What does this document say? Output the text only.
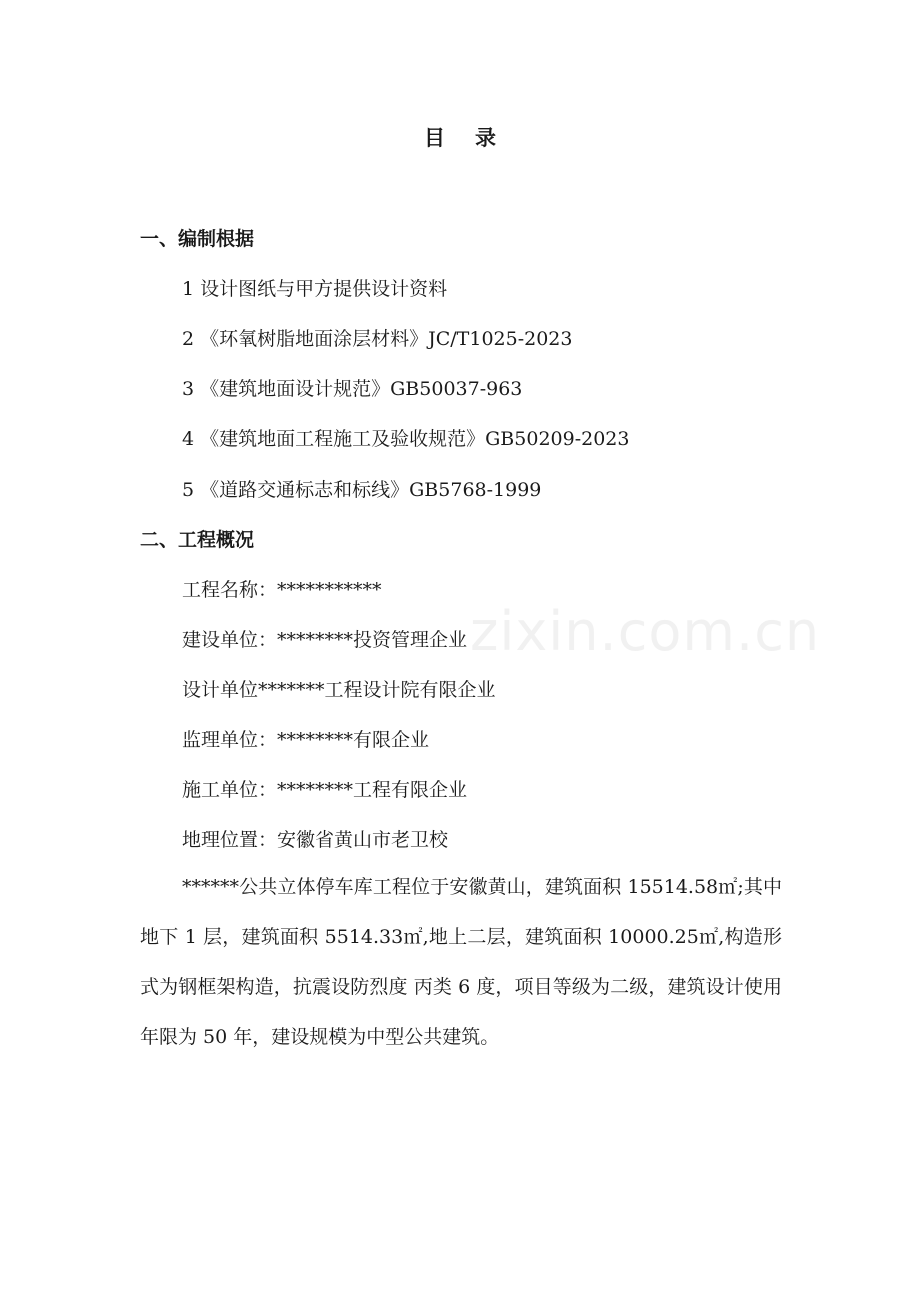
zixin.com.cn
目 录
一、编制根据
1 设计图纸与甲方提供设计资料
2 《环氧树脂地面涂层材料》JC/T1025-2023
3 《建筑地面设计规范》GB50037-963
4 《建筑地面工程施工及验收规范》GB50209-2023
5 《道路交通标志和标线》GB5768-1999
二、工程概况
工程名称：***********
建设单位：********投资管理企业
设计单位*******工程设计院有限企业
监理单位：********有限企业
施工单位：********工程有限企业
地理位置：安徽省黄山市老卫校
******公共立体停车库工程位于安徽黄山，建筑面积 15514.58㎡;其中地下 1 层，建筑面积 5514.33㎡,地上二层，建筑面积 10000.25㎡,构造形式为钢框架构造，抗震设防烈度 丙类 6 度，项目等级为二级，建筑设计使用年限为 50 年，建设规模为中型公共建筑。
